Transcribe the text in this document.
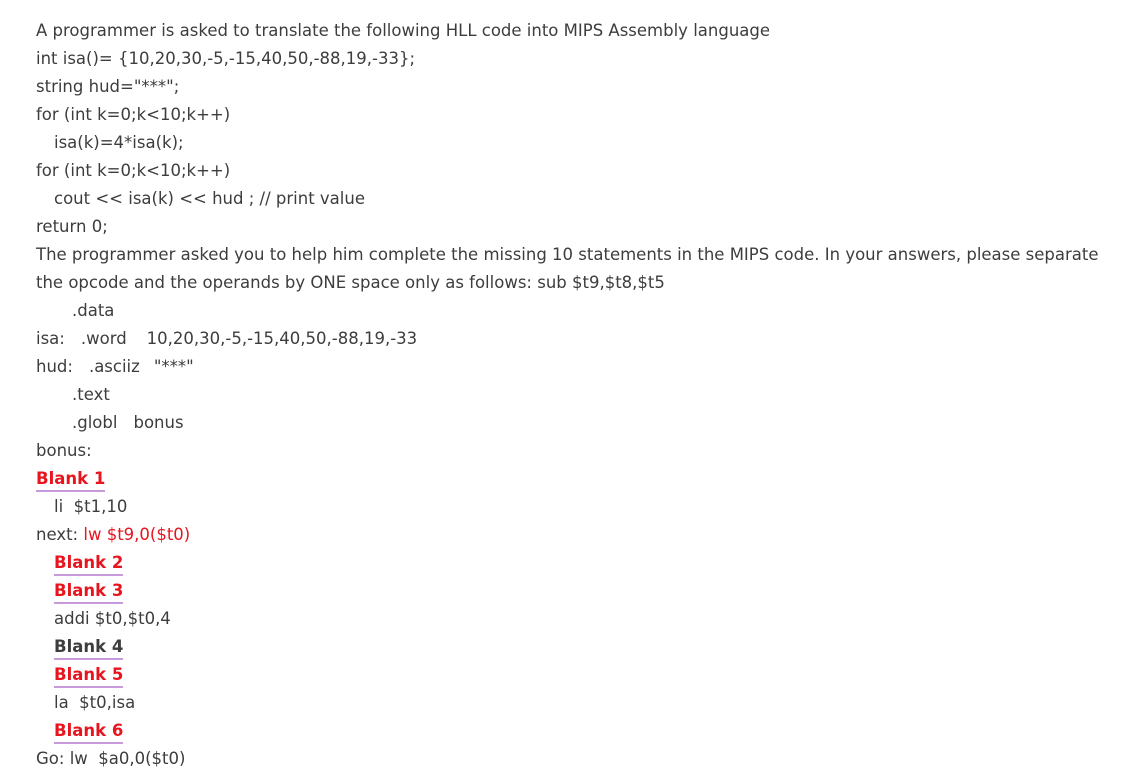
A programmer is asked to translate the following HLL code into MIPS Assembly language
int isa()= {10,20,30,-5,-15,40,50,-88,19,-33};
string hud="***";
for (int k=0;k<10;k++)
isa(k)=4*isa(k);
for (int k=0;k<10;k++)
cout << isa(k) << hud ; // print value
return 0;
The programmer asked you to help him complete the missing 10 statements in the MIPS code. In your answers, please separate the opcode and the operands by ONE space only as follows: sub $t9,$t8,$t5
.data
isa: .word 10,20,30,-5,-15,40,50,-88,19,-33
hud: .asciiz "***"
.text
.globl bonus
bonus:
Blank 1
li  $t1,10
next: lw $t9,0($t0)
Blank 2
Blank 3
addi $t0,$t0,4
Blank 4
Blank 5
la  $t0,isa
Blank 6
Go: lw  $a0,0($t0)
